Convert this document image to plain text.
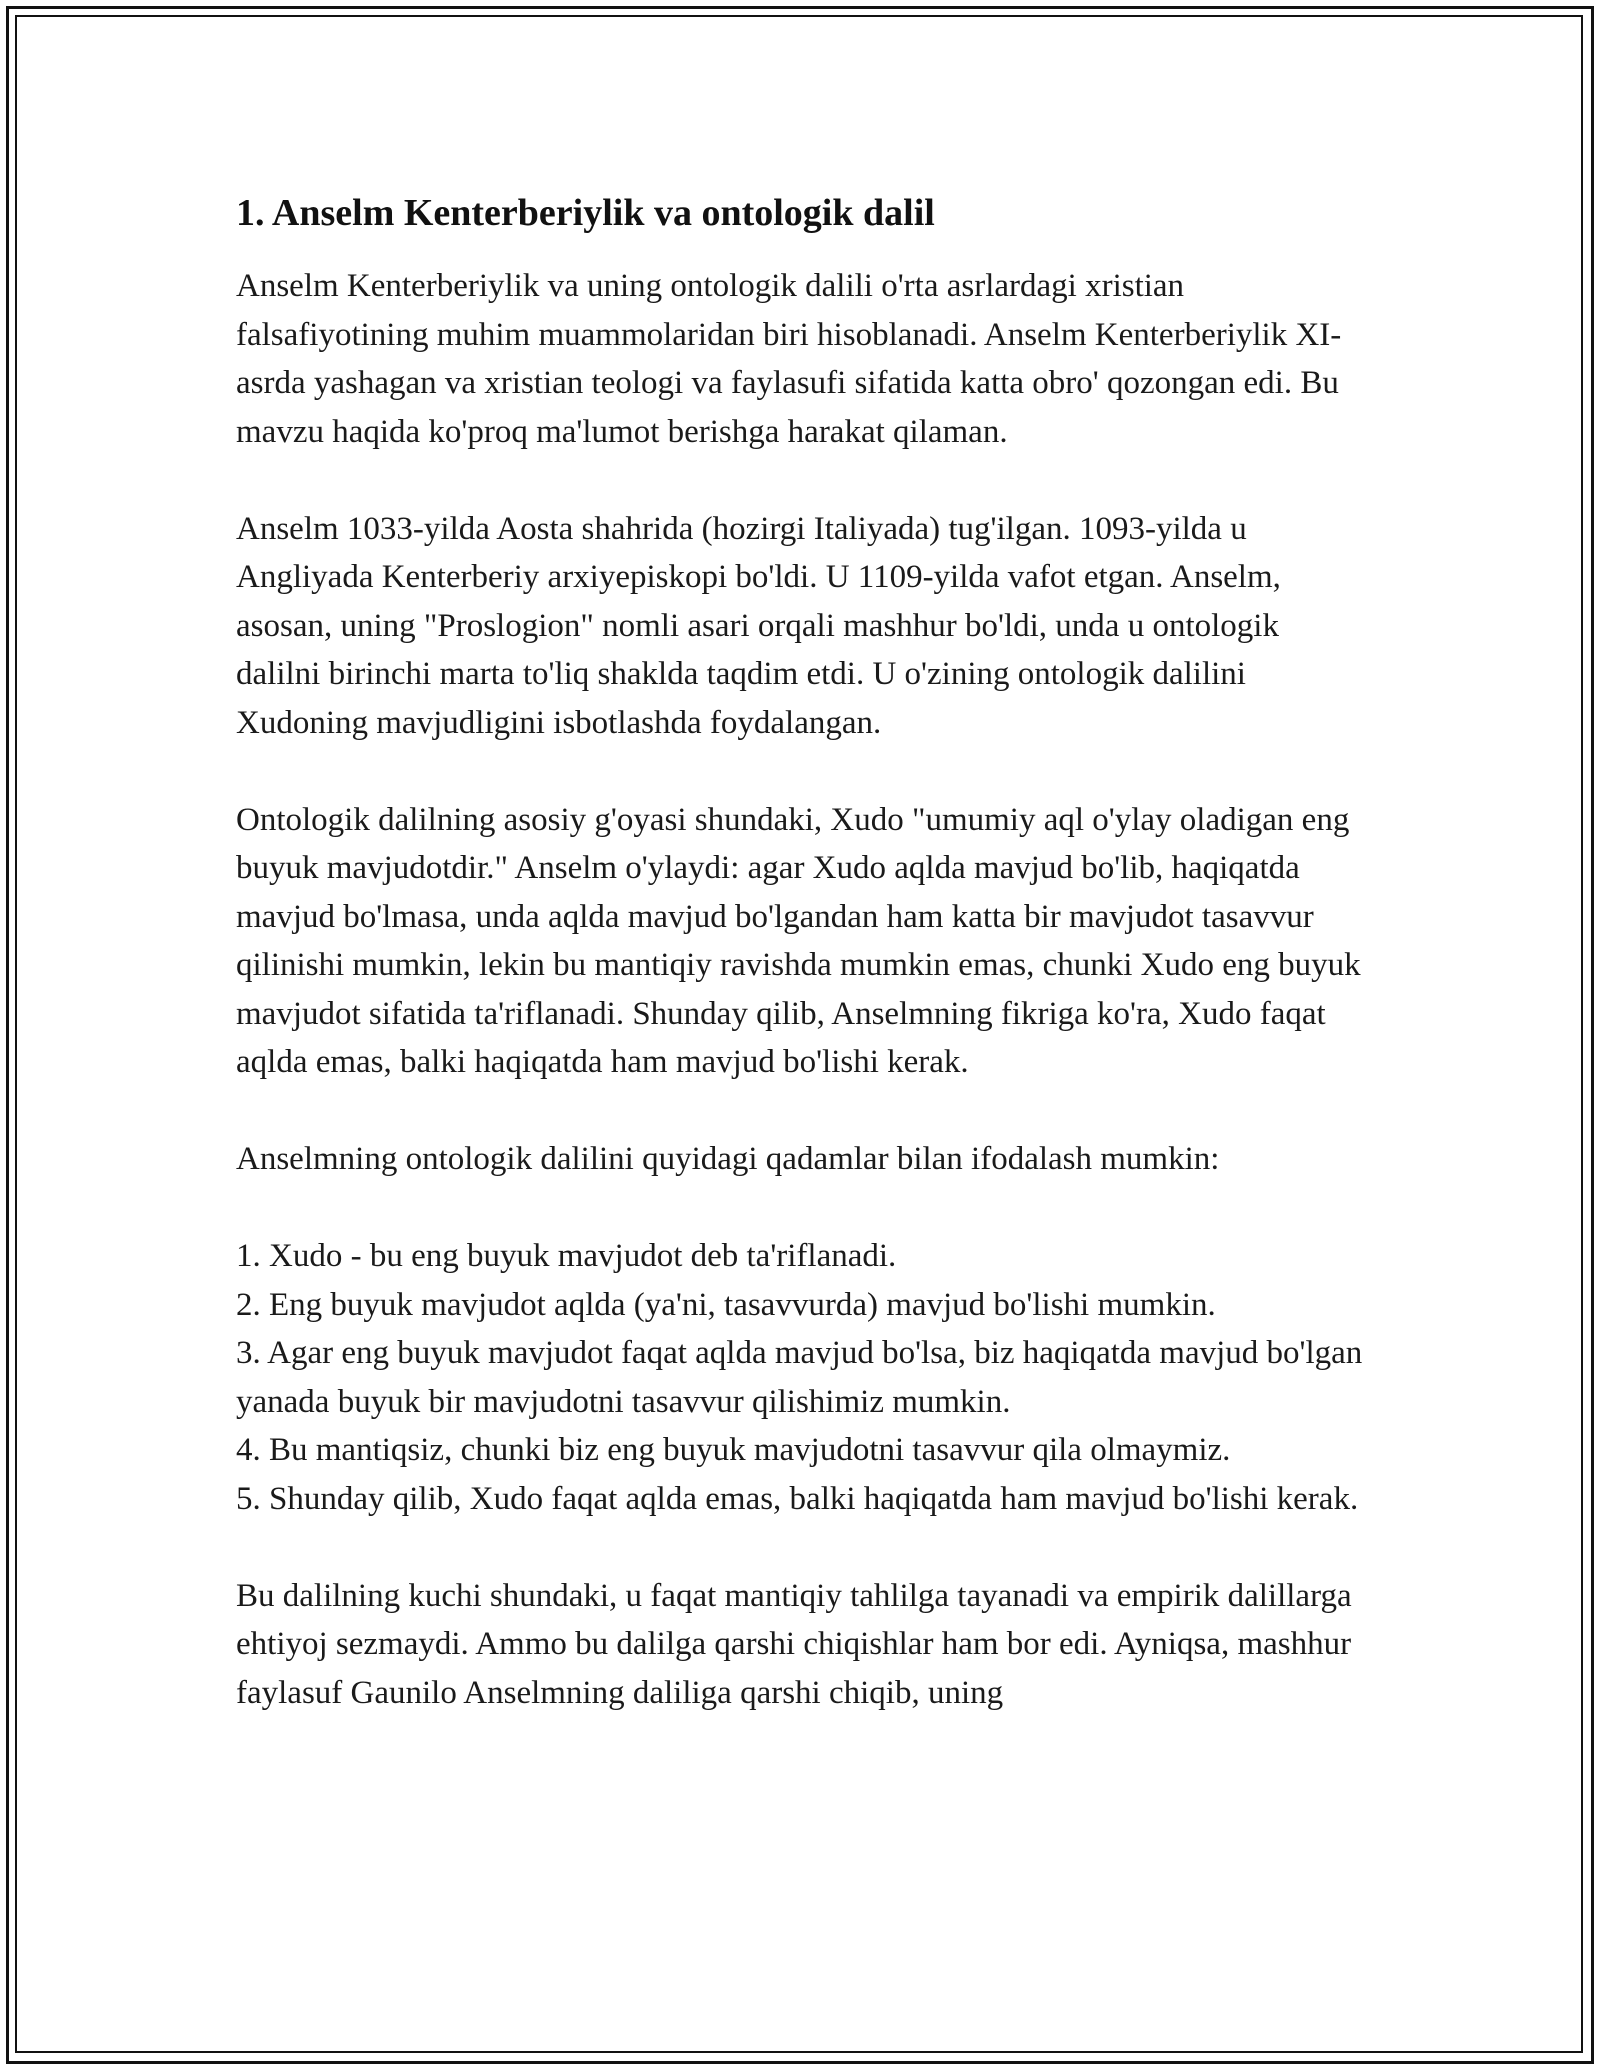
1. Anselm Kenterberiylik va ontologik dalil

Anselm Kenterberiylik va uning ontologik dalili o'rta asrlardagi xristian falsafiyotining muhim muammolaridan biri hisoblanadi. Anselm Kenterberiylik XI-asrda yashagan va xristian teologi va faylasufi sifatida katta obro' qozongan edi. Bu mavzu haqida ko'proq ma'lumot berishga harakat qilaman.

Anselm 1033-yilda Aosta shahrida (hozirgi Italiyada) tug'ilgan. 1093-yilda u Angliyada Kenterberiy arxiyepiskopi bo'ldi. U 1109-yilda vafot etgan. Anselm, asosan, uning "Proslogion" nomli asari orqali mashhur bo'ldi, unda u ontologik dalilni birinchi marta to'liq shaklda taqdim etdi. U o'zining ontologik dalilini Xudoning mavjudligini isbotlashda foydalangan.

Ontologik dalilning asosiy g'oyasi shundaki, Xudo "umumiy aql o'ylay oladigan eng buyuk mavjudotdir." Anselm o'ylaydi: agar Xudo aqlda mavjud bo'lib, haqiqatda mavjud bo'lmasa, unda aqlda mavjud bo'lgandan ham katta bir mavjudot tasavvur qilinishi mumkin, lekin bu mantiqiy ravishda mumkin emas, chunki Xudo eng buyuk mavjudot sifatida ta'riflanadi. Shunday qilib, Anselmning fikriga ko'ra, Xudo faqat aqlda emas, balki haqiqatda ham mavjud bo'lishi kerak.

Anselmning ontologik dalilini quyidagi qadamlar bilan ifodalash mumkin:

1. Xudo - bu eng buyuk mavjudot deb ta'riflanadi.
2. Eng buyuk mavjudot aqlda (ya'ni, tasavvurda) mavjud bo'lishi mumkin.
3. Agar eng buyuk mavjudot faqat aqlda mavjud bo'lsa, biz haqiqatda mavjud bo'lgan yanada buyuk bir mavjudotni tasavvur qilishimiz mumkin.
4. Bu mantiqsiz, chunki biz eng buyuk mavjudotni tasavvur qila olmaymiz.
5. Shunday qilib, Xudo faqat aqlda emas, balki haqiqatda ham mavjud bo'lishi kerak.

Bu dalilning kuchi shundaki, u faqat mantiqiy tahlilga tayanadi va empirik dalillarga ehtiyoj sezmaydi. Ammo bu dalilga qarshi chiqishlar ham bor edi. Ayniqsa, mashhur faylasuf Gaunilo Anselmning daliliga qarshi chiqib, uning
